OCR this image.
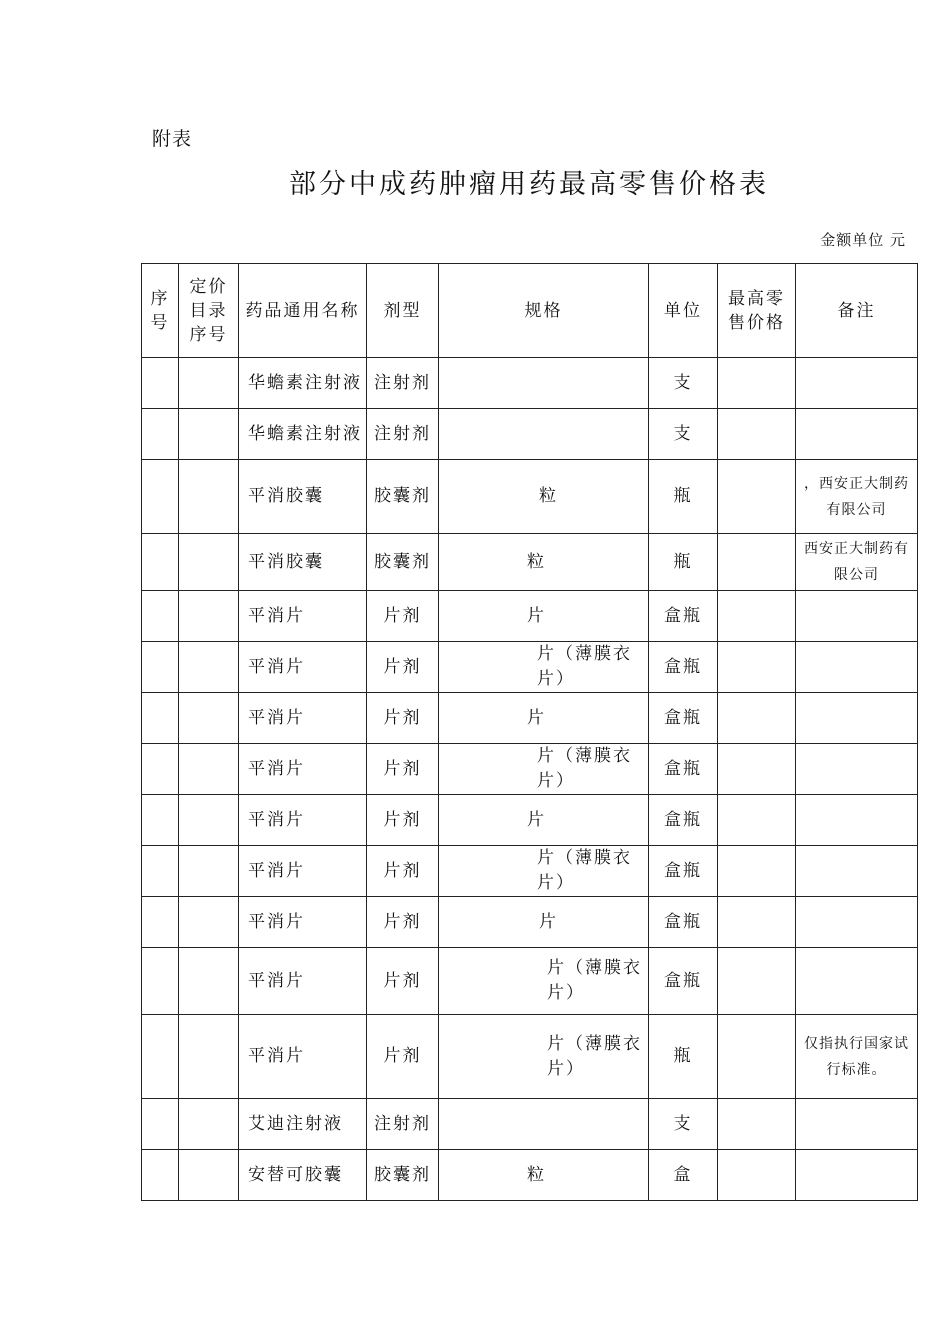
附表
部分中成药肿瘤用药最高零售价格表
金额单位 元
序号	定价目录序号	药品通用名称	剂型	规格	单位	最高零售价格	备注
		华蟾素注射液	注射剂		支		
		华蟾素注射液	注射剂		支		
		平消胶囊	胶囊剂	粒	瓶		，西安正大制药有限公司
		平消胶囊	胶囊剂	粒	瓶		西安正大制药有限公司
		平消片	片剂	片	盒瓶		
		平消片	片剂	片（薄膜衣片）	盒瓶		
		平消片	片剂	片	盒瓶		
		平消片	片剂	片（薄膜衣片）	盒瓶		
		平消片	片剂	片	盒瓶		
		平消片	片剂	片（薄膜衣片）	盒瓶		
		平消片	片剂	片	盒瓶		
		平消片	片剂	片（薄膜衣片）	盒瓶		
		平消片	片剂	片（薄膜衣片）	瓶		仅指执行国家试行标准。
		艾迪注射液	注射剂		支		
		安替可胶囊	胶囊剂	粒	盒		
